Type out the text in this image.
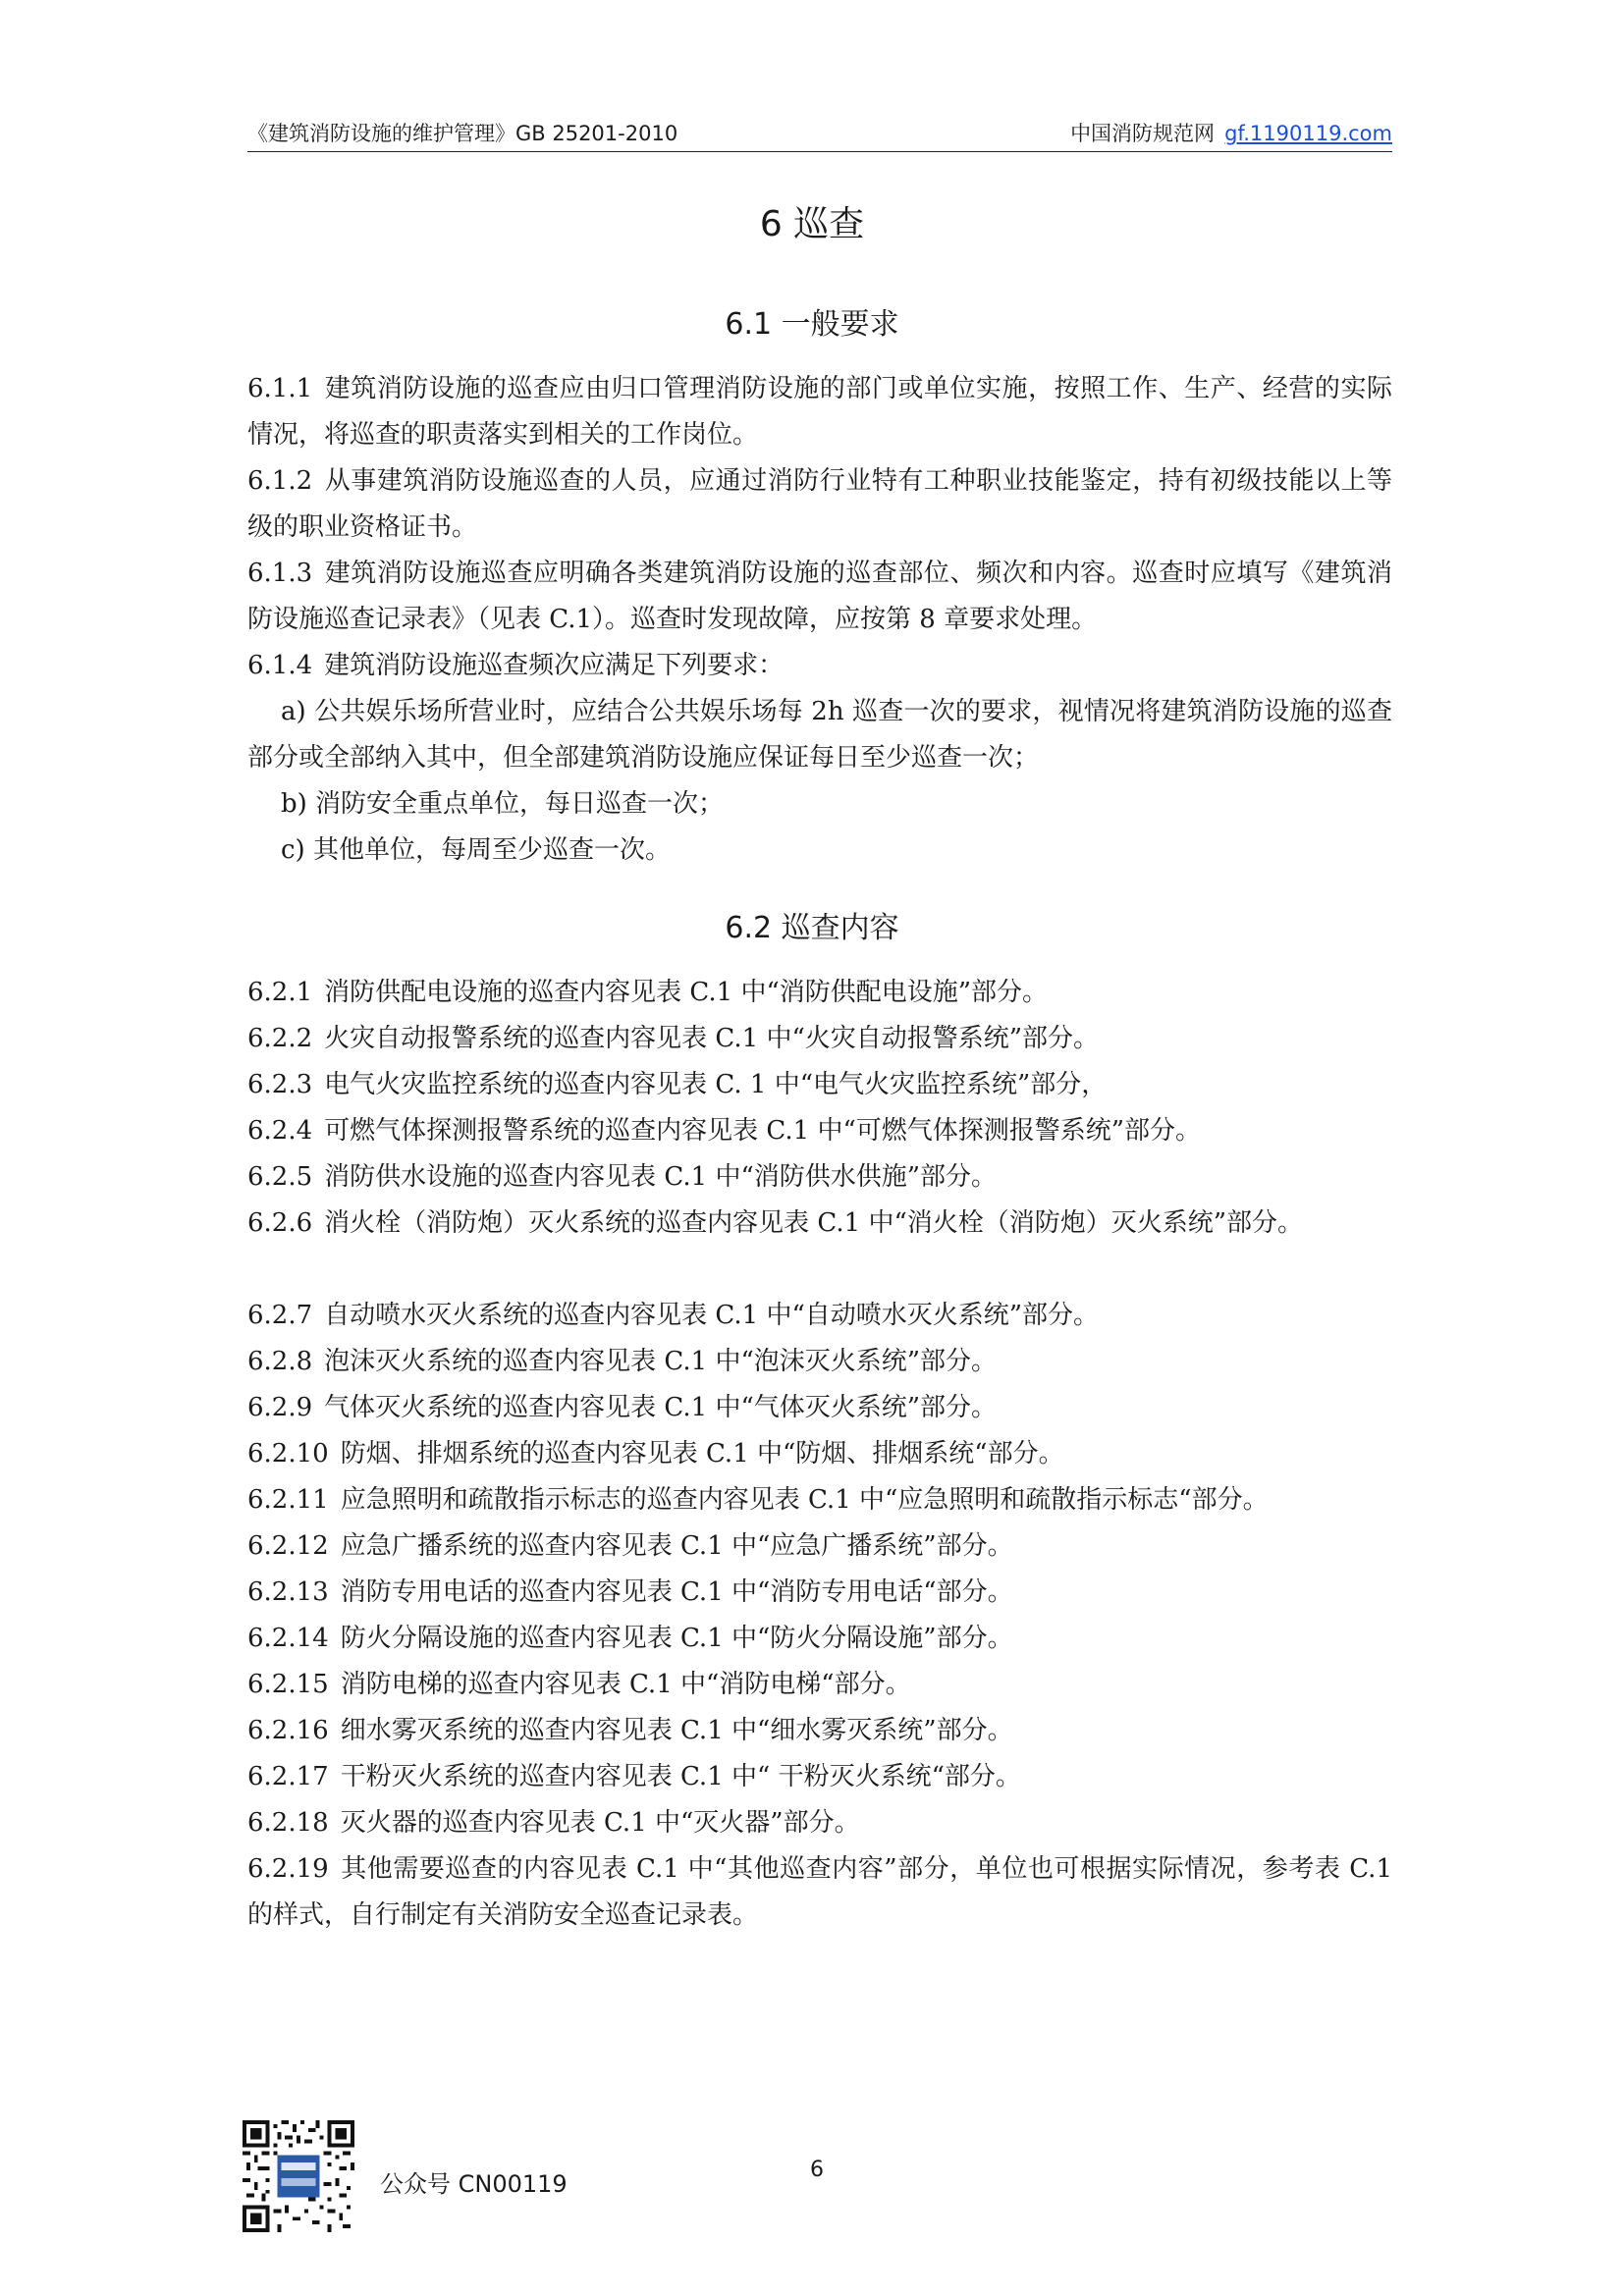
《建筑消防设施的维护管理》GB 25201-2010	中国消防规范网 gf.1190119.com
6 巡查
6.1 一般要求
6.1.1 建筑消防设施的巡查应由归口管理消防设施的部门或单位实施，按照工作、生产、经营的实际情况，将巡查的职责落实到相关的工作岗位。
6.1.2 从事建筑消防设施巡查的人员，应通过消防行业特有工种职业技能鉴定，持有初级技能以上等级的职业资格证书。
6.1.3 建筑消防设施巡查应明确各类建筑消防设施的巡查部位、频次和内容。巡查时应填写《建筑消防设施巡查记录表》（见表 C.1）。巡查时发现故障，应按第 8 章要求处理。
6.1.4 建筑消防设施巡查频次应满足下列要求：
a) 公共娱乐场所营业时，应结合公共娱乐场每 2h 巡查一次的要求，视情况将建筑消防设施的巡查部分或全部纳入其中，但全部建筑消防设施应保证每日至少巡查一次；
b) 消防安全重点单位，每日巡查一次；
c) 其他单位，每周至少巡查一次。
6.2 巡查内容
6.2.1 消防供配电设施的巡查内容见表 C.1 中“消防供配电设施”部分。
6.2.2 火灾自动报警系统的巡查内容见表 C.1 中“火灾自动报警系统”部分。
6.2.3 电气火灾监控系统的巡查内容见表 C. 1 中“电气火灾监控系统”部分，
6.2.4 可燃气体探测报警系统的巡查内容见表 C.1 中“可燃气体探测报警系统”部分。
6.2.5 消防供水设施的巡查内容见表 C.1 中“消防供水供施”部分。
6.2.6 消火栓（消防炮）灭火系统的巡查内容见表 C.1 中“消火栓（消防炮）灭火系统”部分。
6.2.7 自动喷水灭火系统的巡查内容见表 C.1 中“自动喷水灭火系统”部分。
6.2.8 泡沫灭火系统的巡查内容见表 C.1 中“泡沫灭火系统”部分。
6.2.9 气体灭火系统的巡查内容见表 C.1 中“气体灭火系统”部分。
6.2.10 防烟、排烟系统的巡查内容见表 C.1 中“防烟、排烟系统“部分。
6.2.11 应急照明和疏散指示标志的巡查内容见表 C.1 中“应急照明和疏散指示标志“部分。
6.2.12 应急广播系统的巡查内容见表 C.1 中“应急广播系统”部分。
6.2.13 消防专用电话的巡查内容见表 C.1 中“消防专用电话“部分。
6.2.14 防火分隔设施的巡查内容见表 C.1 中“防火分隔设施”部分。
6.2.15 消防电梯的巡查内容见表 C.1 中“消防电梯“部分。
6.2.16 细水雾灭系统的巡查内容见表 C.1 中“细水雾灭系统”部分。
6.2.17 干粉灭火系统的巡查内容见表 C.1 中“ 干粉灭火系统“部分。
6.2.18 灭火器的巡查内容见表 C.1 中“灭火器”部分。
6.2.19 其他需要巡查的内容见表 C.1 中“其他巡查内容”部分，单位也可根据实际情况，参考表 C.1 的样式，自行制定有关消防安全巡查记录表。
公众号 CN00119
6
